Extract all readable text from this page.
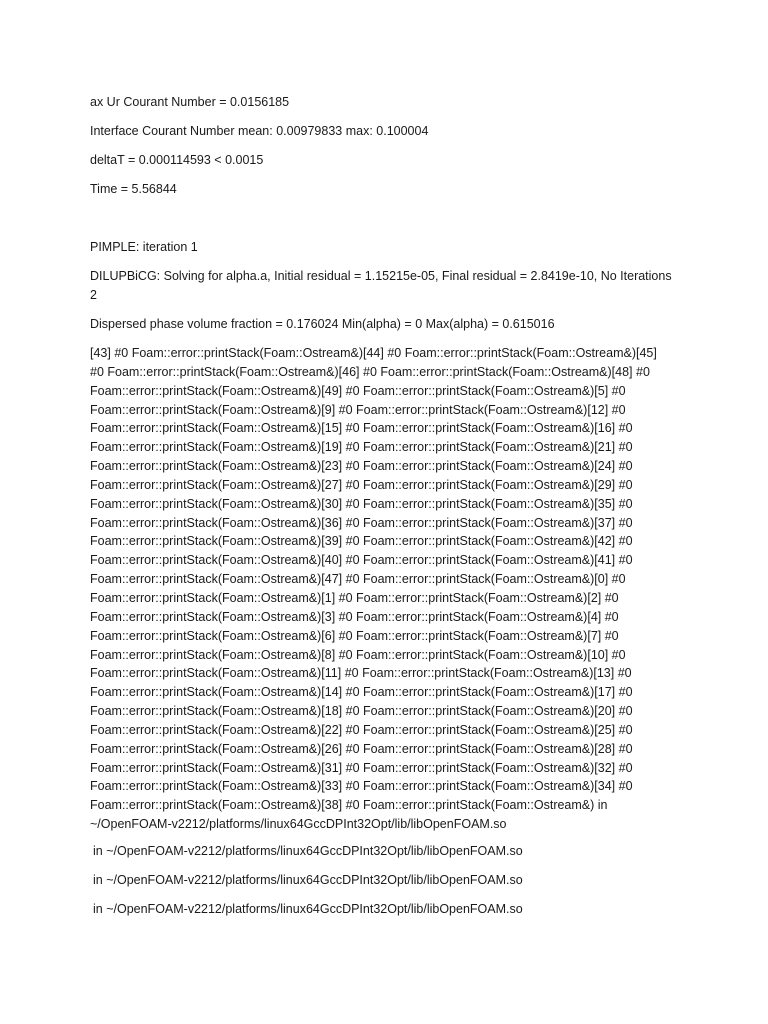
ax Ur Courant Number = 0.0156185

Interface Courant Number mean: 0.00979833 max: 0.100004

deltaT = 0.000114593 < 0.0015

Time = 5.56844

PIMPLE: iteration 1

DILUPBiCG: Solving for alpha.a, Initial residual = 1.15215e-05, Final residual = 2.8419e-10, No Iterations

2

Dispersed phase volume fraction = 0.176024 Min(alpha) = 0 Max(alpha) = 0.615016

[43] #0 Foam::error::printStack(Foam::Ostream&)[44] #0 Foam::error::printStack(Foam::Ostream&)[45]

#0 Foam::error::printStack(Foam::Ostream&)[46] #0 Foam::error::printStack(Foam::Ostream&)[48] #0

Foam::error::printStack(Foam::Ostream&)[49] #0 Foam::error::printStack(Foam::Ostream&)[5] #0

Foam::error::printStack(Foam::Ostream&)[9] #0 Foam::error::printStack(Foam::Ostream&)[12] #0

Foam::error::printStack(Foam::Ostream&)[15] #0 Foam::error::printStack(Foam::Ostream&)[16] #0

Foam::error::printStack(Foam::Ostream&)[19] #0 Foam::error::printStack(Foam::Ostream&)[21] #0

Foam::error::printStack(Foam::Ostream&)[23] #0 Foam::error::printStack(Foam::Ostream&)[24] #0

Foam::error::printStack(Foam::Ostream&)[27] #0 Foam::error::printStack(Foam::Ostream&)[29] #0

Foam::error::printStack(Foam::Ostream&)[30] #0 Foam::error::printStack(Foam::Ostream&)[35] #0

Foam::error::printStack(Foam::Ostream&)[36] #0 Foam::error::printStack(Foam::Ostream&)[37] #0

Foam::error::printStack(Foam::Ostream&)[39] #0 Foam::error::printStack(Foam::Ostream&)[42] #0

Foam::error::printStack(Foam::Ostream&)[40] #0 Foam::error::printStack(Foam::Ostream&)[41] #0

Foam::error::printStack(Foam::Ostream&)[47] #0 Foam::error::printStack(Foam::Ostream&)[0] #0

Foam::error::printStack(Foam::Ostream&)[1] #0 Foam::error::printStack(Foam::Ostream&)[2] #0

Foam::error::printStack(Foam::Ostream&)[3] #0 Foam::error::printStack(Foam::Ostream&)[4] #0

Foam::error::printStack(Foam::Ostream&)[6] #0 Foam::error::printStack(Foam::Ostream&)[7] #0

Foam::error::printStack(Foam::Ostream&)[8] #0 Foam::error::printStack(Foam::Ostream&)[10] #0

Foam::error::printStack(Foam::Ostream&)[11] #0 Foam::error::printStack(Foam::Ostream&)[13] #0

Foam::error::printStack(Foam::Ostream&)[14] #0 Foam::error::printStack(Foam::Ostream&)[17] #0

Foam::error::printStack(Foam::Ostream&)[18] #0 Foam::error::printStack(Foam::Ostream&)[20] #0

Foam::error::printStack(Foam::Ostream&)[22] #0 Foam::error::printStack(Foam::Ostream&)[25] #0

Foam::error::printStack(Foam::Ostream&)[26] #0 Foam::error::printStack(Foam::Ostream&)[28] #0

Foam::error::printStack(Foam::Ostream&)[31] #0 Foam::error::printStack(Foam::Ostream&)[32] #0

Foam::error::printStack(Foam::Ostream&)[33] #0 Foam::error::printStack(Foam::Ostream&)[34] #0

Foam::error::printStack(Foam::Ostream&)[38] #0 Foam::error::printStack(Foam::Ostream&) in

~/OpenFOAM-v2212/platforms/linux64GccDPInt32Opt/lib/libOpenFOAM.so

in ~/OpenFOAM-v2212/platforms/linux64GccDPInt32Opt/lib/libOpenFOAM.so

in ~/OpenFOAM-v2212/platforms/linux64GccDPInt32Opt/lib/libOpenFOAM.so

in ~/OpenFOAM-v2212/platforms/linux64GccDPInt32Opt/lib/libOpenFOAM.so
